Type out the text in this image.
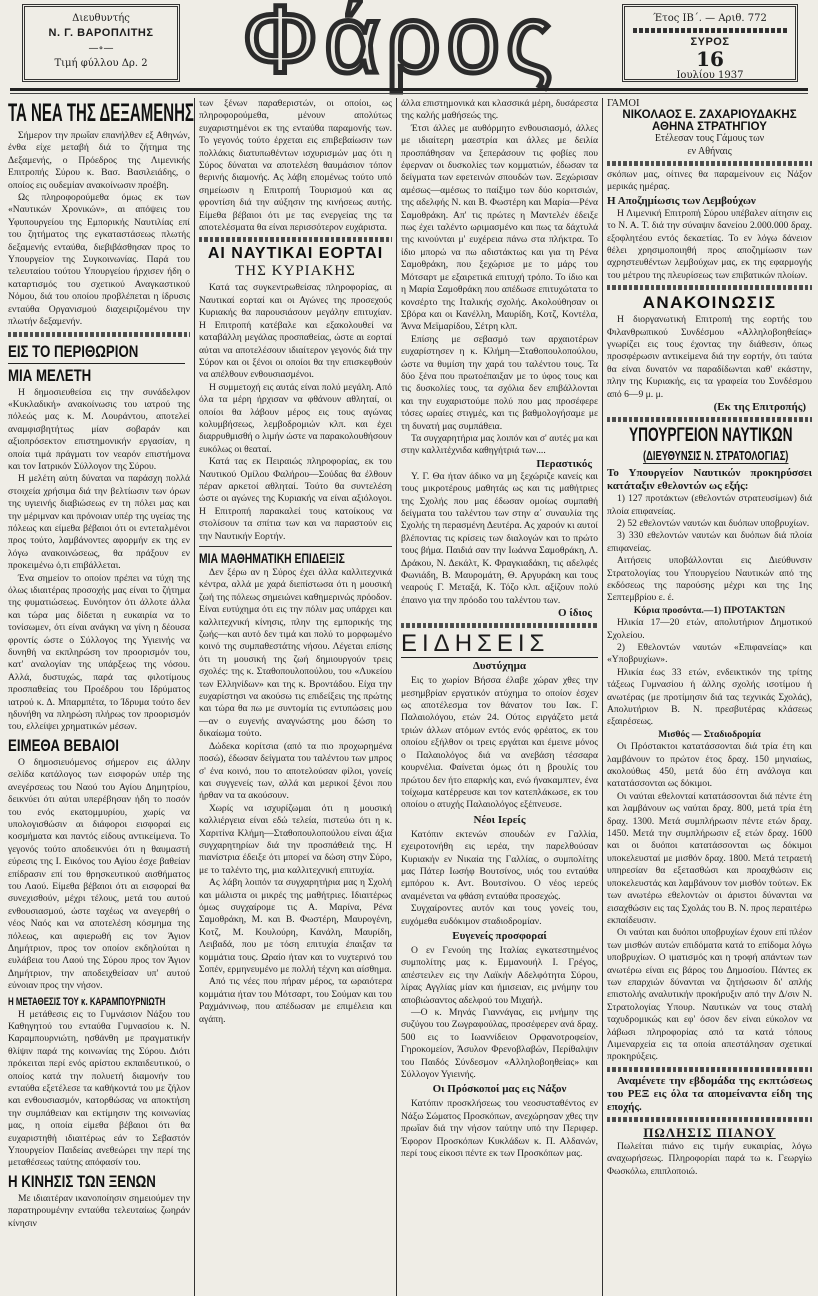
Διευθυντής
Ν. Γ. ΒΑΡΟΠΛΙΤΗΣ
—∘—
Τιμή φύλλου Δρ. 2 Φάρος	Έτος ΙΒ΄. — Αριθ. 772
ΣΥΡΟΣ
16
Ιουλίου 1937
ΤΑ ΝΕΑ ΤΗΣ ΔΕΞΑΜΕΝΗΣ

Σήμερον την πρωΐαν επανήλθεν εξ Αθηνών, ένθα είχε μεταβή διά το ζήτημα της Δεξαμενής, ο Πρόεδρος της Λιμενικής Επιτροπής Σύρου κ. Βασ. Βασιλειάδης, ο οποίος εις ουδεμίαν ανακοίνωσιν προέβη.

Ως πληροφορούμεθα όμως εκ των «Ναυτικών Χρονικών», αι απόψεις του Υφυπουργείου της Εμπορικής Ναυτιλίας επί του ζητήματος της εγκαταστάσεως πλωτής δεξαμενής ενταύθα, διεβιβάσθησαν προς το Υπουργείον της Συγκοινωνίας. Παρά του τελευταίου τούτου Υπουργείου ήρχισεν ήδη ο καταρτισμός του σχετικού Αναγκαστικού Νόμου, διά του οποίου προβλέπεται η ίδρυσις ενταύθα Οργανισμού διαχειριζομένου την πλωτήν δεξαμενήν.

ΕΙΣ ΤΟ ΠΕΡΙΘΩΡΙΟΝ
ΜΙΑ ΜΕΛΕΤΗ

Η δημοσιευθείσα εις την συνάδελφον «Κυκλαδική» ανακοίνωσις του ιατρού της πόλεώς μας κ. Μ. Λουράντου, αποτελεί αναμφισβητήτως μίαν σοβαράν και αξιοπρόσεκτον επιστημονικήν εργασίαν, η οποία τιμά πράγματι τον νεαρόν επιστήμονα και τον Ιατρικόν Σύλλογον της Σύρου.

Η μελέτη αύτη δύναται να παράσχη πολλά στοιχεία χρήσιμα διά την βελτίωσιν των όρων της υγιεινής διαβιώσεως εν τη πόλει μας και την μέριμναν και πρόνοιαν υπέρ της υγείας της πόλεως και είμεθα βέβαιοι ότι οι εντεταλμένοι προς τούτο, λαμβάνοντες αφορμήν εκ της εν λόγω ανακοινώσεως, θα πράξουν εν προκειμένω ό,τι επιβάλλεται.

Ένα σημείον το οποίον πρέπει να τύχη της όλως ιδιαιτέρας προσοχής μας είναι το ζήτημα της φυματιώσεως. Ευνόητον ότι άλλοτε άλλα και τώρα μας δίδεται η ευκαιρία να το τονίσωμεν, ότι είναι ανάγκη να γίνη η δέουσα φροντίς ώστε ο Σύλλογος της Υγιεινής να δυνηθή να εκπληρώση τον προορισμόν του, κατ' αναλογίαν της υπάρξεως της νόσου. Αλλά, δυστυχώς, παρά τας φιλοτίμους προσπαθείας του Προέδρου του Ιδρύματος ιατρού κ. Δ. Μπαρμπέτα, το Ίδρυμα τούτο δεν ηδυνήθη να πληρώση πλήρως τον προορισμόν του, ελλείψει χρηματικών μέσων.

ΕΙΜΕΘΑ ΒΕΒΑΙΟΙ

Ο δημοσιευόμενος σήμερον εις άλλην σελίδα κατάλογος των εισφορών υπέρ της ανεγέρσεως του Ναού του Αγίου Δημητρίου, δεικνύει ότι αύται υπερέβησαν ήδη το ποσόν του ενός εκατομμυρίου, χωρίς να υπολογισθώσιν αι διάφοροι εισφοραί εις κοσμήματα και παντός είδους αντικείμενα. Το γεγονός τούτο αποδεικνύει ότι η θαυμαστή εύρεσις της Ι. Εικόνος του Αγίου έσχε βαθείαν επίδρασιν επί του θρησκευτικού αισθήματος του Λαού. Είμεθα βέβαιοι ότι αι εισφοραί θα συνεχισθούν, μέχρι τέλους, μετά του αυτού ενθουσιασμού, ώστε ταχέως να ανεγερθή ο νέος Ναός και να αποτελέση κόσμημα της πόλεως, και αφιερωθή εις τον Άγιον Δημήτριον, προς τον οποίον εκδηλούται η ευλάβεια του Λαού της Σύρου προς τον Άγιον Δημήτριον, την αποδειχθείσαν υπ' αυτού εύνοιαν προς την νήσον.

Η ΜΕΤΑΘΕΣΙΣ ΤΟΥ κ. ΚΑΡΑΜΠΟΥΡΝΙΩΤΗ

Η μετάθεσις εις το Γυμνάσιον Νάξου του Καθηγητού του ενταύθα Γυμνασίου κ. Ν. Καραμπουρνιώτη, ησθάνθη με πραγματικήν θλίψιν παρά της κοινωνίας της Σύρου. Διότι πρόκειται περί ενός αρίστου εκπαιδευτικού, ο οποίος κατά την πολυετή διαμονήν του ενταύθα εξετέλεσε τα καθήκοντά του με ζήλον και ενθουσιασμόν, κατορθώσας να αποκτήση την συμπάθειαν και εκτίμησιν της κοινωνίας μας, η οποία είμεθα βέβαιοι ότι θα ευχαριστηθή ιδιαιτέρως εάν το Σεβαστόν Υπουργείον Παιδείας ανεθεώρει την περί της μεταθέσεως ταύτης απόφασίν του.

Η ΚΙΝΗΣΙΣ ΤΩΝ ΞΕΝΩΝ

Με ιδιαιτέραν ικανοποίησιν σημειούμεν την παρατηρουμένην ενταύθα τελευταίως ζωηράν κίνησιν

των ξένων παραθεριστών, οι οποίοι, ως πληροφορούμεθα, μένουν απολύτως ευχαριστημένοι εκ της ενταύθα παραμονής των. Το γεγονός τούτο έρχεται εις επιβεβαίωσιν των πολλάκις διατυπωθέντων ισχυρισμών μας ότι η Σύρος δύναται να αποτελέση θαυμάσιον τόπον θερινής διαμονής. Ας λάβη επομένως τούτο υπό σημείωσιν η Επιτροπή Τουρισμού και ας φροντίση διά την αύξησιν της κινήσεως αυτής. Είμεθα βέβαιοι ότι με τας ενεργείας της τα αποτελέσματα θα είναι περισσότερον ευχάριστα.

ΑΙ ΝΑΥΤΙΚΑΙ ΕΟΡΤΑΙ
ΤΗΣ ΚΥΡΙΑΚΗΣ

Κατά τας συγκεντρωθείσας πληροφορίας, αι Ναυτικαί εορταί και οι Αγώνες της προσεχούς Κυριακής θα παρουσιάσουν μεγάλην επιτυχίαν. Η Επιτροπή κατέβαλε και εξακολουθεί να καταβάλλη μεγάλας προσπαθείας, ώστε αι εορταί αύται να αποτελέσουν ιδιαίτερον γεγονός διά την Σύρον και οι ξένοι οι οποίοι θα την επισκεφθούν να απέλθουν ενθουσιασμένοι.

Η συμμετοχή εις αυτάς είναι πολύ μεγάλη. Από όλα τα μέρη ήρχισαν να φθάνουν αθληταί, οι οποίοι θα λάβουν μέρος εις τους αγώνας κολυμβήσεως, λεμβοδρομιών κλπ. και έχει διαρρυθμισθή ο λιμήν ώστε να παρακολουθήσουν ευκόλως οι θεαταί.

Κατά τας εκ Πειραιώς πληροφορίας, εκ του Ναυτικού Ομίλου Φαλήρου—Σούδας θα έλθουν πέραν αρκετοί αθληταί. Τούτο θα συντελέση ώστε οι αγώνες της Κυριακής να είναι αξιόλογοι. Η Επιτροπή παρακαλεί τους κατοίκους να στολίσουν τα σπίτια των και να παραστούν εις την Ναυτικήν Εορτήν.

ΜΙΑ ΜΑΘΗΜΑΤΙΚΗ ΕΠΙΔΕΙΞΙΣ

Δεν ξέρω αν η Σύρος έχει άλλα καλλιτεχνικά κέντρα, αλλά με χαρά διεπίστωσα ότι η μουσική ζωή της πόλεως σημειώνει καθημερινώς πρόοδον. Είναι ευτύχημα ότι εις την πόλιν μας υπάρχει και καλλιτεχνική κίνησις, πλην της εμπορικής της ζωής—και αυτό δεν τιμά και πολύ το μορφωμένο κοινό της συμπαθεστάτης νήσου. Λέγεται επίσης ότι τη μουσική της ζωή δημιουργούν τρεις σχολές: της κ. Σταθοπουλοπούλου, του «Λυκείου των Ελληνίδων» και της κ. Βροντάδου. Είχα την ευχαρίστησι να ακούσω τις επιδείξεις της πρώτης και τώρα θα πω με συντομία τις εντυπώσεις μου—αν ο ευγενής αναγνώστης μου δώση το δικαίωμα τούτο.

Δώδεκα κορίτσια (από τα πιο προχωρημένα ποσώ), έδωσαν δείγματα του ταλέντου των μπρος σ' ένα κοινό, που το αποτελούσαν φίλοι, γονείς και συγγενείς των, αλλά και μερικοί ξένοι που ήρθαν να τα ακούσουν.

Χωρίς να ισχυρίζωμαι ότι η μουσική καλλιέργεια είναι εδώ τελεία, πιστεύω ότι η κ. Χαριτίνα Κλήμη—Σταθοπουλοπούλου είναι άξια συγχαρητηρίων διά την προσπάθειά της. Η πιανίστρια έδειξε ότι μπορεί να δώση στην Σύρο, με το ταλέντο της, μια καλλιτεχνική επιτυχία.

Ας λάβη λοιπόν τα συγχαρητήρια μας η Σχολή και μάλιστα οι μικρές της μαθήτριες. Ιδιαιτέρως όμως συγχαίρομε τις Α. Μαρίνα, Ρένα Σαμοθράκη, Μ. και Β. Φωστέρη, Μαυρογένη, Κοτζ, Μ. Κουλούρη, Κανάλη, Μαυρίδη, Λειβαδά, που με τόση επιτυχία έπαιξαν τα κομμάτια τους. Ωραίο ήταν και το νυχτερινό του Σοπέν, ερμηνευμένο με πολλή τέχνη και αίσθημα.

Από τις νέες που πήραν μέρος, τα ωραιότερα κομμάτια ήταν του Μότσαρτ, του Σούμαν και του Ραχμάνινωφ, που απέδωσαν με επιμέλεια και αγάπη.

άλλα επιστημονικά και κλασσικά μέρη, δυσάρεστα της καλής μαθήσεώς της.

Έτσι άλλες με αυθόρμητο ενθουσιασμό, άλλες με ιδιαίτερη μαεστρία και άλλες με δειλία προσπάθησαν να ξεπεράσουν τις φοβίες που έφερναν οι δυσκολίες των κομματιών, έδωσαν τα δείγματα των εφετεινών σπουδών των. Ξεχώρισαν αμέσως—αμέσως το παίξιμο των δύο κοριτσιών, της αδελφής Ν. και Β. Φωστέρη και Μαρία—Ρένα Σαμοθράκη. Απ' τις πρώτες η Μαντελέν έδειξε πως έχει ταλέντο ωριμασμένο και πως τα δάχτυλά της κινούνται μ' ευχέρεια πάνω στα πλήκτρα. Το ίδιο μπορώ να πω αδιστάκτως και για τη Ρένα Σαμοθράκη, που ξεχώρισε με το μάρς του Μότσαρτ με εξαιρετικά επιτυχή τρόπο. Το ίδιο και η Μαρία Σαμοθράκη που απέδωσε επιτυχώτατα το κονσέρτο της Ιταλικής σχολής. Ακολούθησαν οι Σβόρα και οι Κανέλλη, Μαυρίδη, Κοτζ, Κοντέλα, Άννα Μεϊμαρίδου, Σέτρη κλπ.

Επίσης με σεβασμό των αρχαιοτέρων ευχαρίστησεν η κ. Κλήμη—Σταθοπουλοπούλου, ώστε να θυμίση την χαρά του ταλέντου τους. Τα δύο ξένα που πρωτοέπαιξαν με το ύφος τους και τις δυσκολίες τους, τα σχόλια δεν επιβάλλονται και την ευχαριστούμε πολύ που μας προσέφερε τόσες ωραίες στιγμές, και τις βαθμολογήσαμε με τη δυνατή μας συμπάθεια.

Τα συγχαρητήρια μας λοιπόν και σ' αυτές μα και στην καλλιτέχνιδα καθηγήτριά των....

Περαστικός

Υ. Γ. Θα ήταν άδικο να μη ξεχώριζε κανείς και τους μικροτέρους μαθητάς ως και τις μαθήτριες της Σχολής που μας έδωσαν ομοίως συμπαθή δείγματα του ταλέντου των στην α΄ συναυλία της Σχολής τη περασμένη Δευτέρα. Ας χαρούν κι αυτοί βλέποντας τις κρίσεις των διαλογών και το πρώτο τους βήμα. Παιδιά σαν την Ιωάννα Σαμοθράκη, Λ. Δράκου, Ν. Δεκάλτ, Κ. Φραγκιαδάκη, τις αδελφές Φωνιάδη, Β. Μαυρομάτη, Θ. Αργυράκη και τους νεαρούς Γ. Μεταξά, Κ. Τόζο κλπ. αξίζουν πολύ έπαινο για την πρόοδο του ταλέντου των.

Ο ίδιος
ΕΙΔΗΣΕΙΣ
Δυστύχημα

Εις το χωρίον Βήσσα έλαβε χώραν χθες την μεσημβρίαν εργατικόν ατύχημα το οποίον έσχεν ως αποτέλεσμα τον θάνατον του Ιακ. Γ. Παλαιολόγου, ετών 24. Ούτος ειργάζετο μετά τριών άλλων ατόμων εντός ενός φρέατος, εκ του οποίου εξήλθον οι τρεις εργάται και έμεινε μόνος ο Παλαιολόγος διά να ανεβάση τέσσαρα κουρνέλια. Φαίνεται όμως ότι η βρουλίς του πρώτου δεν ήτο επαρκής και, ενώ ήνακαμπτεν, ένα τοίχωμα κατέρρευσε και τον κατεπλάκωσε, εκ του οποίου ο ατυχής Παλαιολόγος εξέπνευσε.

Νέοι Ιερείς

Κατόπιν εκτενών σπουδών εν Γαλλία, εχειροτονήθη εις ιερέα, την παρελθούσαν Κυριακήν εν Νικαία της Γαλλίας, ο συμπολίτης μας Πάτερ Ιωσήφ Βουτσίνος, υιός του ενταύθα εμπόρου κ. Αντ. Βουτσίνου. Ο νέος ιερεύς αναμένεται να φθάση ενταύθα προσεχώς.

Συγχαίροντες αυτόν και τους γονείς του, ευχόμεθα ευδόκιμον σταδιοδρομίαν.

Ευγενείς προσφοραί

Ο εν Γενούη της Ιταλίας εγκατεστημένος συμπολίτης μας κ. Εμμανουήλ Ι. Γρέγος, απέστειλεν εις την Λαϊκήν Αδελφότητα Σύρου, λίρας Αγγλίας μίαν και ήμισειαν, εις μνήμην του αποβιώσαντος αδελφού του Μιχαήλ.

—Ο κ. Μηνάς Γιαννάγας, εις μνήμην της συζύγου του Ζωγραφούλας, προσέφερεν ανά δραχ. 500 εις το Ιωαννίδειον Ορφανοτροφείον, Γηροκομείον, Άσυλον Φρενοβλαβών, Περίθαλψιν του Παιδός Σύνδεσμον «Αλληλοβοηθείας» και Σύλλογον Υγιεινής.

Οι Πρόσκοποί μας εις Νάξον

Κατόπιν προσκλήσεως του νεοσυσταθέντος εν Νάξω Σώματος Προσκόπων, ανεχώρησαν χθες την πρωΐαν διά την νήσον ταύτην υπό την Περιφερ. Έφορον Προσκόπων Κυκλάδων κ. Π. Αλδανών, περί τους είκοσι πέντε εκ των Προσκόπων μας.

ΓΑΜΟΙ
ΝΙΚΟΛΑΟΣ Ε. ΖΑΧΑΡΙΟΥΔΑΚΗΣ
ΑΘΗΝΑ ΣΤΡΑΤΗΓΙΟΥ
Ετέλεσαν τους Γάμους των
εν Αθήναις

σκόπων μας, οίτινες θα παραμείνουν εις Νάξον μερικάς ημέρας.

Η Αποζημίωσις των Λεμβούχων

Η Λιμενική Επιτροπή Σύρου υπέβαλεν αίτησιν εις το Ν. Α. Τ. διά την σύναψιν δανείου 2.000.000 δραχ. εξοφλητέου εντός δεκαετίας. Το εν λόγω δάνειον θέλει χρησιμοποιηθή προς αποζημίωσιν των αχρηστευθέντων λεμβούχων μας, εκ της εφαρμογής του μέτρου της πλευρίσεως των επιβατικών πλοίων.

ΑΝΑΚΟΙΝΩΣΙΣ

Η διοργανωτική Επιτροπή της εορτής του Φιλανθρωπικού Συνδέσμου «Αλληλοβοηθείας» γνωρίζει εις τους έχοντας την διάθεσιν, όπως προσφέρωσιν αντικείμενα διά την εορτήν, ότι ταύτα θα είναι δυνατόν να παραδίδωνται καθ' εκάστην, πλην της Κυριακής, εις τα γραφεία του Συνδέσμου από 6—9 μ. μ.

(Εκ της Επιτροπής)
ΥΠΟΥΡΓΕΙΟΝ ΝΑΥΤΙΚΩΝ
(ΔΙΕΥΘΥΝΣΙΣ Ν. ΣΤΡΑΤΟΛΟΓΙΑΣ)
Το Υπουργείον Ναυτικών προκηρύσσει κατάταξιν εθελοντών ως εξής:

1) 127 προτάκτων (εθελοντών στρατευσίμων) διά πλοία επιφανείας.

2) 52 εθελοντών ναυτών και δυόπων υποβρυχίων.

3) 330 εθελοντών ναυτών και δυόπων διά πλοία επιφανείας.

Αιτήσεις υποβάλλονται εις Διεύθυνσιν Στρατολογίας του Υπουργείου Ναυτικών από της εκδόσεως της παρούσης μέχρι και της 1ης Σεπτεμβρίου ε. έ.

Κύρια προσόντα.—1) ΠΡΟΤΑΚΤΩΝ

Ηλικία 17—20 ετών, απολυτήριον Δημοτικού Σχολείου.

2) Εθελοντών ναυτών «Επιφανείας» και «Υποβρυχίων».

Ηλικία έως 33 ετών, ενδεικτικόν της τρίτης τάξεως Γυμνασίου ή άλλης σχολής ισοτίμου ή ανωτέρας (με προτίμησιν διά τας τεχνικάς Σχολάς), Απολυτήριον Β. Ν. πρεσβυτέρας κλάσεως εξαιρέσεως.

Μισθός — Σταδιοδρομία

Οι Πρόστακτοι κατατάσσονται διά τρία έτη και λαμβάνουν το πρώτον έτος δραχ. 150 μηνιαίως, ακολούθως 450, μετά δύο έτη ανάλογα και κατατάσσονται ως δόκιμοι.

Οι ναύται εθελονταί κατατάσσονται διά πέντε έτη και λαμβάνουν ως ναύται δραχ. 800, μετά τρία έτη δραχ. 1300. Μετά συμπλήρωσιν πέντε ετών δραχ. 1450. Μετά την συμπλήρωσιν εξ ετών δραχ. 1600 και οι δυόποι κατατάσσονται ως δόκιμοι υποκελευσταί με μισθόν δραχ. 1800. Μετά τετραετή υπηρεσίαν θα εξετασθώσι και προαχθώσιν εις υποκελευστάς και λαμβάνουν τον μισθόν τούτων. Εκ των ανωτέρω εθελοντών οι άριστοι δύνανται να εισαχθώσιν εις τας Σχολάς του Β. Ν. προς περαιτέρω εκπαίδευσιν.

Οι ναύται και δυόποι υποβρυχίων έχουν επί πλέον των μισθών αυτών επιδόματα κατά το επίδομα λόγω υποβρυχίων. Ο ιματισμός και η τροφή απάντων των ανωτέρω είναι εις βάρος του Δημοσίου. Πάντες εκ των επαρχιών δύνανται να ζητήσωσιν δι' απλής επιστολής αναλυτικήν προκήρυξιν από την Δ/σιν Ν. Στρατολογίας Υπουρ. Ναυτικών να τους σταλή ταχυδρομικώς και εφ' όσον δεν είναι εύκολον να λάβωσι πληροφορίας από τα κατά τόπους Λιμεναρχεία εις τα οποία απεστάλησαν σχετικαί προκηρύξεις.

Αναμένετε την εβδομάδα της εκπτώσεως του ΡΕΞ εις όλα τα απομείναντα είδη της εποχής.
ΠΩΛΗΣΙΣ ΠΙΑΝΟΥ

Πωλείται πιάνο εις τιμήν ευκαιρίας, λόγω αναχωρήσεως. Πληροφορίαι παρά τω κ. Γεωργίω Φωσκόλω, επιπλοποιώ.
